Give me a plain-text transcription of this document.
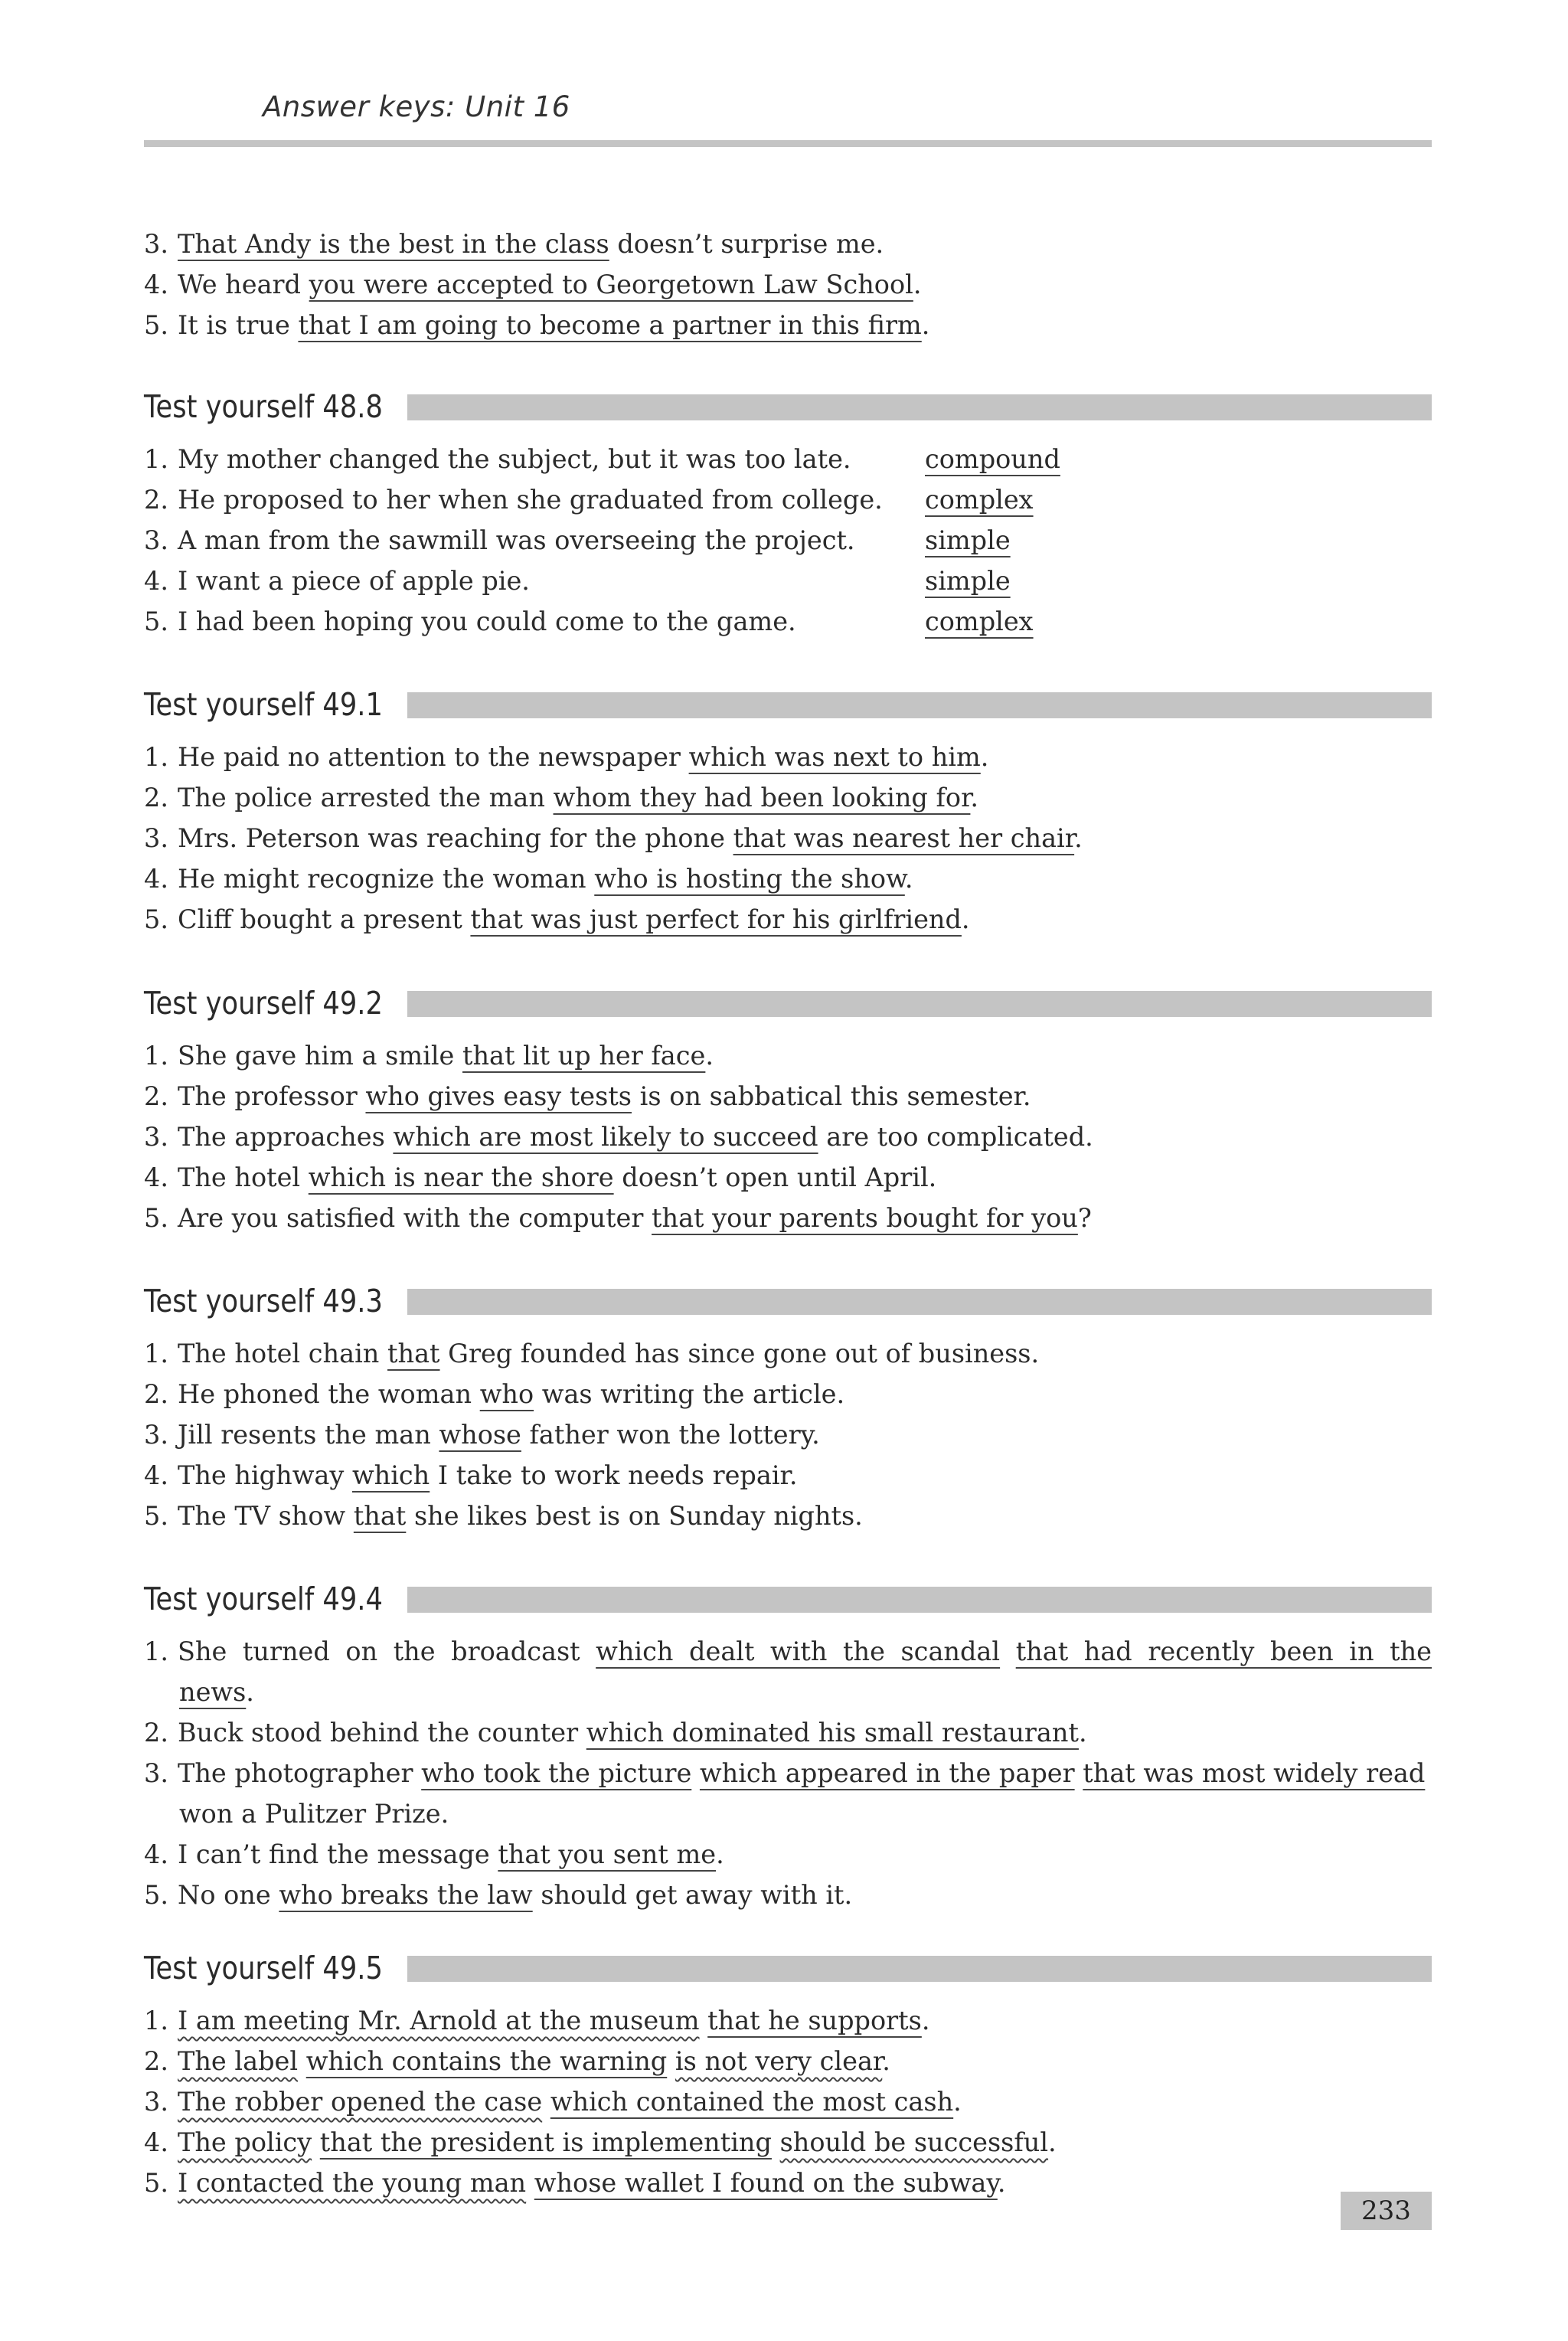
Answer keys: Unit 16
3. That Andy is the best in the class doesn’t surprise me.
4. We heard you were accepted to Georgetown Law School.
5. It is true that I am going to become a partner in this firm.
Test yourself 48.8
1. My mother changed the subject, but it was too late.	compound
2. He proposed to her when she graduated from college. complex
3. A man from the sawmill was overseeing the project.	simple
4. I want a piece of apple pie.	simple
5. I had been hoping you could come to the game.	complex
Test yourself 49.1
1. He paid no attention to the newspaper which was next to him.
2. The police arrested the man whom they had been looking for.
3. Mrs. Peterson was reaching for the phone that was nearest her chair.
4. He might recognize the woman who is hosting the show.
5. Cliff bought a present that was just perfect for his girlfriend.
Test yourself 49.2
1. She gave him a smile that lit up her face.
2. The professor who gives easy tests is on sabbatical this semester.
3. The approaches which are most likely to succeed are too complicated.
4. The hotel which is near the shore doesn’t open until April.
5. Are you satisfied with the computer that your parents bought for you?
Test yourself 49.3
1. The hotel chain that Greg founded has since gone out of business.
2. He phoned the woman who was writing the article.
3. Jill resents the man whose father won the lottery.
4. The highway which I take to work needs repair.
5. The TV show that she likes best is on Sunday nights.
Test yourself 49.4
1. She turned on the broadcast which dealt with the scandal that had recently been in the
news.
2. Buck stood behind the counter which dominated his small restaurant.
3. The photographer who took the picture which appeared in the paper that was most widely read
won a Pulitzer Prize.
4. I can’t find the message that you sent me.
5. No one who breaks the law should get away with it.
Test yourself 49.5
1. I am meeting Mr. Arnold at the museum that he supports.
2. The label which contains the warning is not very clear.
3. The robber opened the case which contained the most cash.
4. The policy that the president is implementing should be successful.
5. I contacted the young man whose wallet I found on the subway.
233
